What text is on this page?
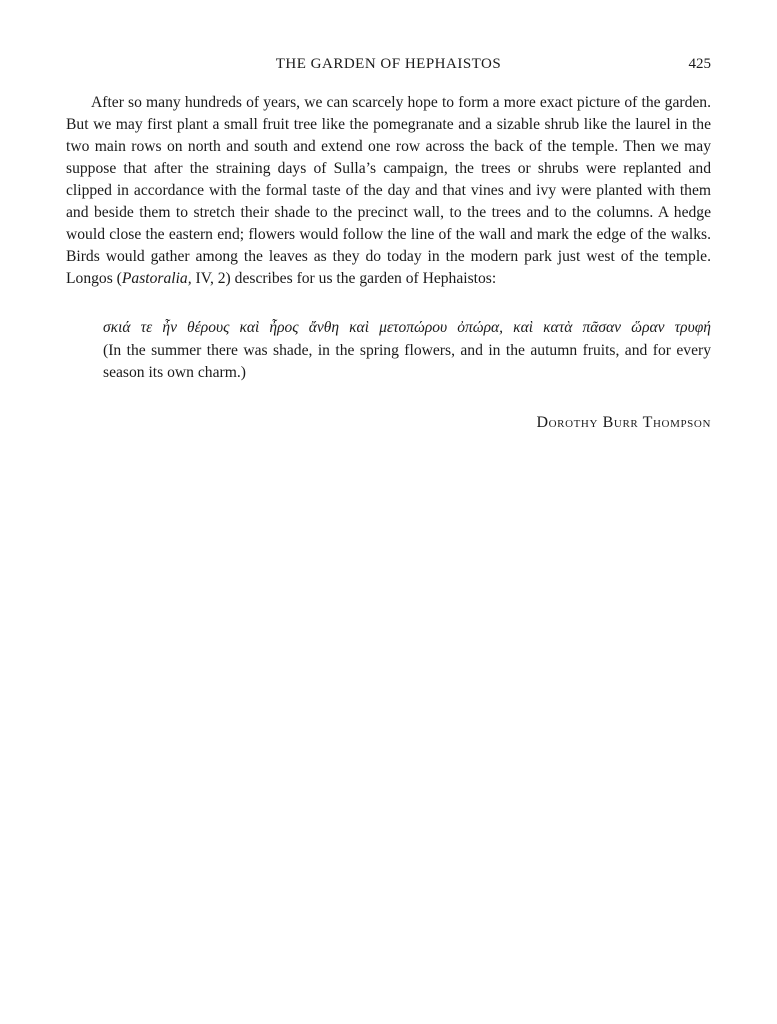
THE GARDEN OF HEPHAISTOS	425

After so many hundreds of years, we can scarcely hope to form a more exact picture of the garden. But we may first plant a small fruit tree like the pomegranate and a sizable shrub like the laurel in the two main rows on north and south and extend one row across the back of the temple. Then we may suppose that after the straining days of Sulla’s campaign, the trees or shrubs were replanted and clipped in accordance with the formal taste of the day and that vines and ivy were planted with them and beside them to stretch their shade to the precinct wall, to the trees and to the columns. A hedge would close the eastern end; flowers would follow the line of the wall and mark the edge of the walks. Birds would gather among the leaves as they do today in the modern park just west of the temple. Longos (Pastoralia, IV, 2) describes for us the garden of Hephaistos:

σκιά τε ἦν θέρους καὶ ἦρος ἄνθη καὶ μετοπώρου ὀπώρα, καὶ κατὰ πᾶσαν ὥραν τρυφή

(In the summer there was shade, in the spring flowers, and in the autumn fruits, and for every season its own charm.)

Dorothy Burr Thompson
